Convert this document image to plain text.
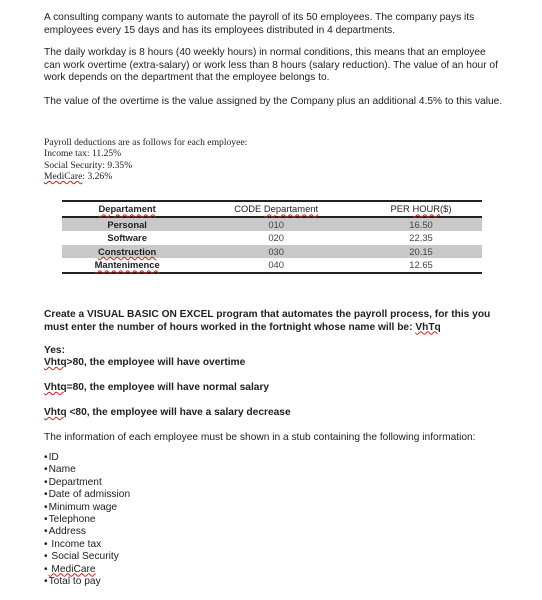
A consulting company wants to automate the payroll of its 50 employees. The company pays its employees every 15 days and has its employees distributed in 4 departments.

The daily workday is 8 hours (40 weekly hours) in normal conditions, this means that an employee can work overtime (extra-salary) or work less than 8 hours (salary reduction). The value of an hour of work depends on the department that the employee belongs to.

The value of the overtime is the value assigned by the Company plus an additional 4.5% to this value.

Payroll deductions are as follows for each employee:
Income tax: 11.25%
Social Security: 9.35%
MediCare: 3.26%
Departament	CODE Departament	PER HOUR($)
Personal	010	16.50
Software	020	22.35
Construction	030	20.15
Mantenimence	040	12.65

Create a VISUAL BASIC ON EXCEL program that automates the payroll process, for this you must enter the number of hours worked in the fortnight whose name will be: VhTq

Yes:
Vhtq>80, the employee will have overtime
Vhtq=80, the employee will have normal salary
Vhtq <80, the employee will have a salary decrease

The information of each employee must be shown in a stub containing the following information:

• ID
• Name
• Department
• Date of admission
• Minimum wage
• Telephone
• Address
• Income tax
• Social Security
• MediCare
• Total to pay
